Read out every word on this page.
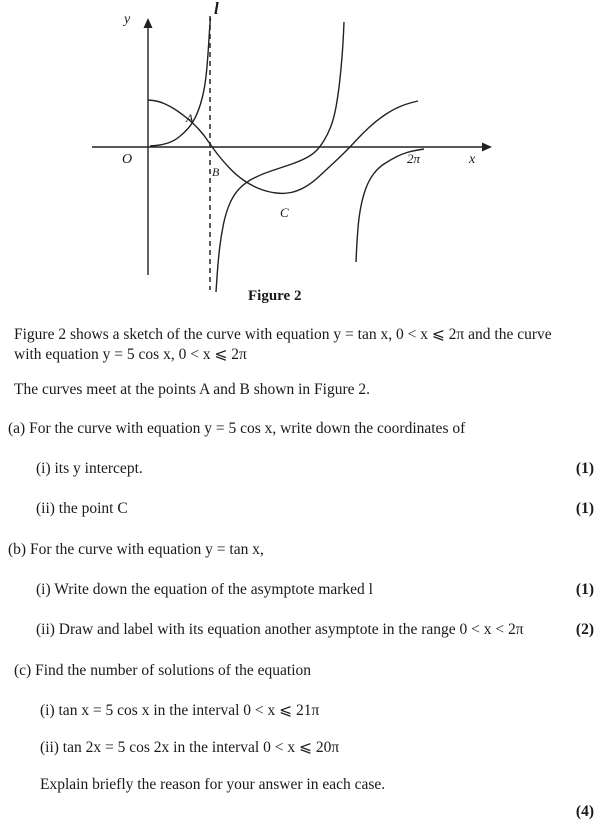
y
x
O	2π
l
A
B
C
Figure 2
Figure 2 shows a sketch of the curve with equation y = tan x, 0 < x ⩽ 2π and the curve
with equation y = 5 cos x, 0 < x ⩽ 2π
The curves meet at the points A and B shown in Figure 2.
(a) For the curve with equation y = 5 cos x, write down the coordinates of
(i) its y intercept.	(1)
(ii) the point C	(1)
(b) For the curve with equation y = tan x,
(i) Write down the equation of the asymptote marked l	(1)
(ii) Draw and label with its equation another asymptote in the range 0 < x < 2π	(2)
(c) Find the number of solutions of the equation
(i) tan x = 5 cos x in the interval 0 < x ⩽ 21π
(ii) tan 2x = 5 cos 2x in the interval 0 < x ⩽ 20π
Explain briefly the reason for your answer in each case.
(4)
